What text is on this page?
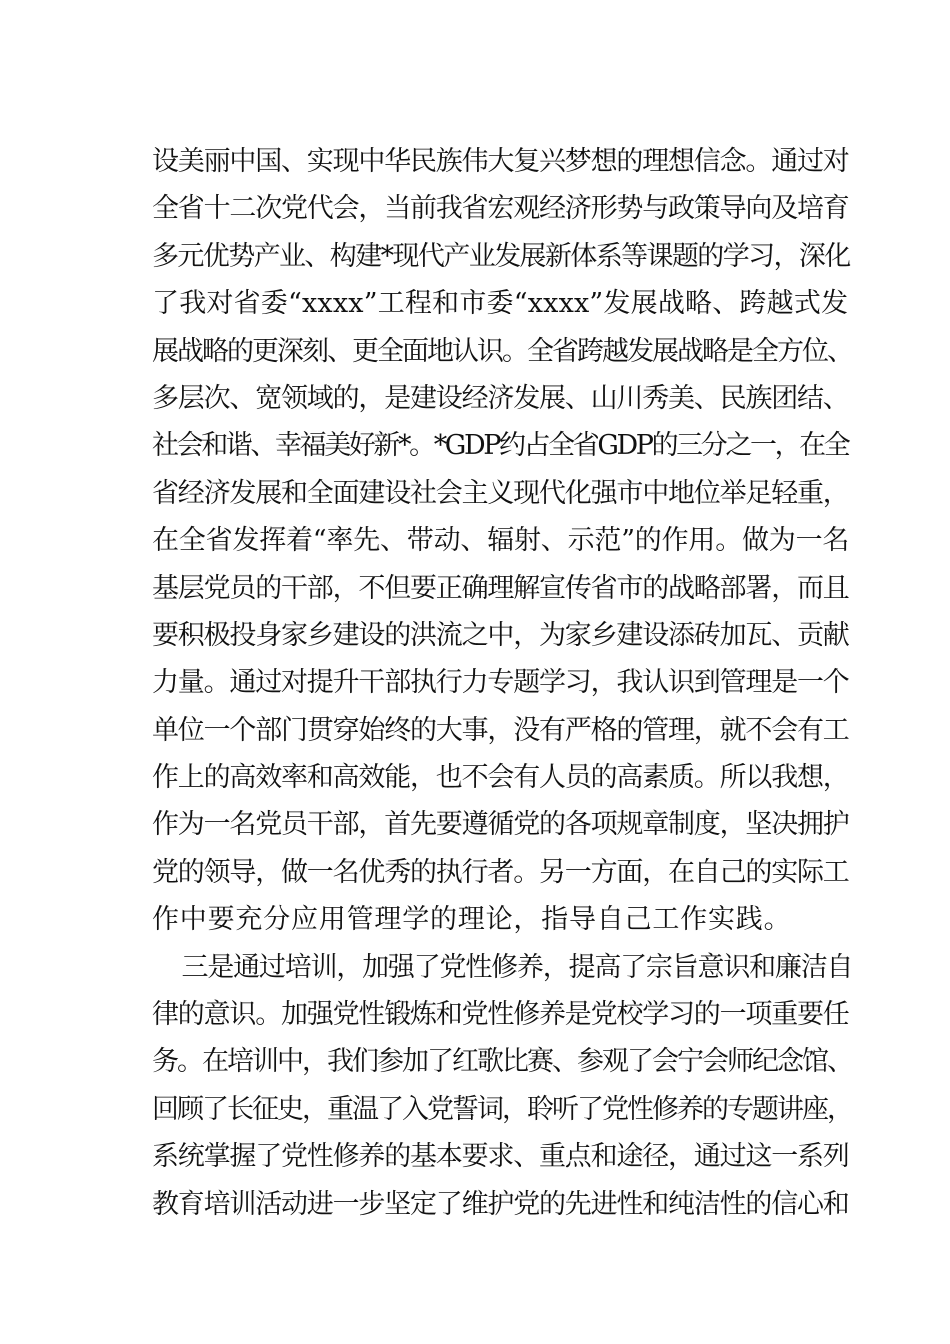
设美丽中国、实现中华民族伟大复兴梦想的理想信念。通过对
全省十二次党代会，当前我省宏观经济形势与政策导向及培育
多元优势产业、构建*现代产业发展新体系等课题的学习，深化
了我对省委“xxxx”工程和市委“xxxx”发展战略、跨越式发
展战略的更深刻、更全面地认识。全省跨越发展战略是全方位、
多层次、宽领域的，是建设经济发展、山川秀美、民族团结、
社会和谐、幸福美好新*。*GDP约占全省GDP的三分之一，在全
省经济发展和全面建设社会主义现代化强市中地位举足轻重，
在全省发挥着“率先、带动、辐射、示范”的作用。做为一名
基层党员的干部，不但要正确理解宣传省市的战略部署，而且
要积极投身家乡建设的洪流之中，为家乡建设添砖加瓦、贡献
力量。通过对提升干部执行力专题学习，我认识到管理是一个
单位一个部门贯穿始终的大事，没有严格的管理，就不会有工
作上的高效率和高效能，也不会有人员的高素质。所以我想，
作为一名党员干部，首先要遵循党的各项规章制度，坚决拥护
党的领导，做一名优秀的执行者。另一方面，在自己的实际工
作中要充分应用管理学的理论，指导自己工作实践。
三是通过培训，加强了党性修养，提高了宗旨意识和廉洁自
律的意识。加强党性锻炼和党性修养是党校学习的一项重要任
务。在培训中，我们参加了红歌比赛、参观了会宁会师纪念馆、
回顾了长征史，重温了入党誓词，聆听了党性修养的专题讲座，
系统掌握了党性修养的基本要求、重点和途径，通过这一系列
教育培训活动进一步坚定了维护党的先进性和纯洁性的信心和
